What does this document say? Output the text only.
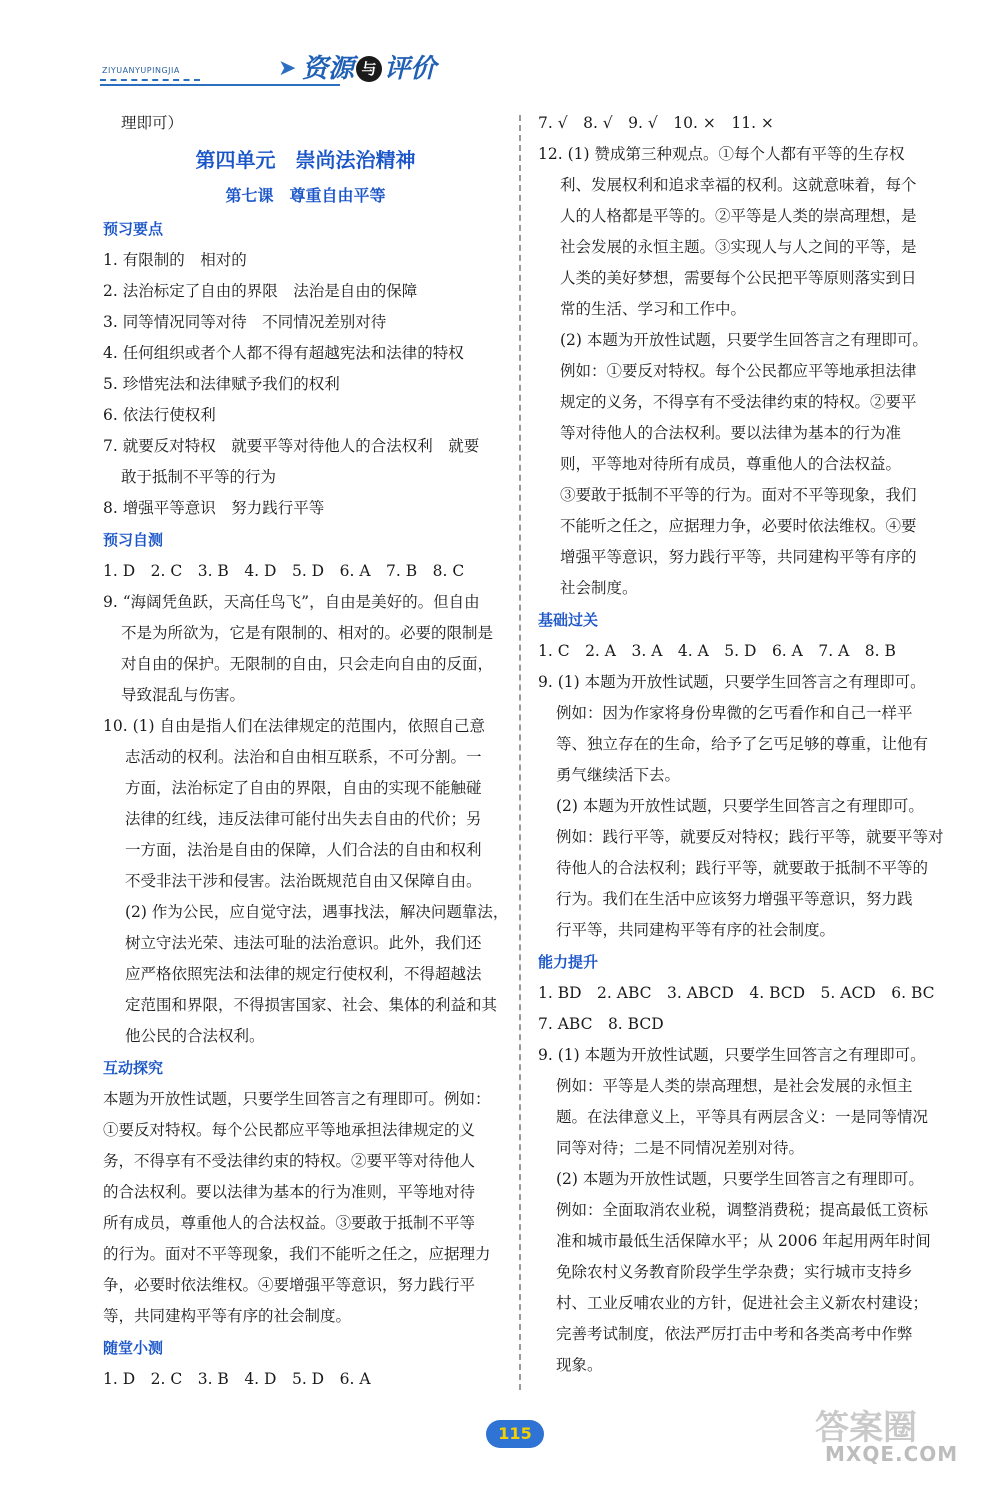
ZIYUANYUPINGJIA	➤ 资源 与 评价
理即可）
第四单元　崇尚法治精神
第七课　尊重自由平等
预习要点
1. 有限制的　相对的
2. 法治标定了自由的界限　法治是自由的保障
3. 同等情况同等对待　不同情况差别对待
4. 任何组织或者个人都不得有超越宪法和法律的特权
5. 珍惜宪法和法律赋予我们的权利
6. 依法行使权利
7. 就要反对特权　就要平等对待他人的合法权利　就要
敢于抵制不平等的行为
8. 增强平等意识　努力践行平等
预习自测
1. D　2. C　3. B　4. D　5. D　6. A　7. B　8. C
9. “海阔凭鱼跃，天高任鸟飞”，自由是美好的。但自由
不是为所欲为，它是有限制的、相对的。必要的限制是
对自由的保护。无限制的自由，只会走向自由的反面，
导致混乱与伤害。
10. (1) 自由是指人们在法律规定的范围内，依照自己意
志活动的权利。法治和自由相互联系，不可分割。一
方面，法治标定了自由的界限，自由的实现不能触碰
法律的红线，违反法律可能付出失去自由的代价；另
一方面，法治是自由的保障，人们合法的自由和权利
不受非法干涉和侵害。法治既规范自由又保障自由。
(2) 作为公民，应自觉守法，遇事找法，解决问题靠法，
树立守法光荣、违法可耻的法治意识。此外，我们还
应严格依照宪法和法律的规定行使权利，不得超越法
定范围和界限，不得损害国家、社会、集体的利益和其
他公民的合法权利。
互动探究
本题为开放性试题，只要学生回答言之有理即可。例如：
①要反对特权。每个公民都应平等地承担法律规定的义
务，不得享有不受法律约束的特权。②要平等对待他人
的合法权利。要以法律为基本的行为准则，平等地对待
所有成员，尊重他人的合法权益。③要敢于抵制不平等
的行为。面对不平等现象，我们不能听之任之，应据理力
争，必要时依法维权。④要增强平等意识，努力践行平
等，共同建构平等有序的社会制度。
随堂小测
1. D　2. C　3. B　4. D　5. D　6. A
7. √　8. √　9. √　10. ×　11. ×
12. (1) 赞成第三种观点。①每个人都有平等的生存权
利、发展权利和追求幸福的权利。这就意味着，每个
人的人格都是平等的。②平等是人类的崇高理想，是
社会发展的永恒主题。③实现人与人之间的平等，是
人类的美好梦想，需要每个公民把平等原则落实到日
常的生活、学习和工作中。
(2) 本题为开放性试题，只要学生回答言之有理即可。
例如：①要反对特权。每个公民都应平等地承担法律
规定的义务，不得享有不受法律约束的特权。②要平
等对待他人的合法权利。要以法律为基本的行为准
则，平等地对待所有成员，尊重他人的合法权益。
③要敢于抵制不平等的行为。面对不平等现象，我们
不能听之任之，应据理力争，必要时依法维权。④要
增强平等意识，努力践行平等，共同建构平等有序的
社会制度。
基础过关
1. C　2. A　3. A　4. A　5. D　6. A　7. A　8. B
9. (1) 本题为开放性试题，只要学生回答言之有理即可。
例如：因为作家将身份卑微的乞丐看作和自己一样平
等、独立存在的生命，给予了乞丐足够的尊重，让他有
勇气继续活下去。
(2) 本题为开放性试题，只要学生回答言之有理即可。
例如：践行平等，就要反对特权；践行平等，就要平等对
待他人的合法权利；践行平等，就要敢于抵制不平等的
行为。我们在生活中应该努力增强平等意识，努力践
行平等，共同建构平等有序的社会制度。
能力提升
1. BD　2. ABC　3. ABCD　4. BCD　5. ACD　6. BC
7. ABC　8. BCD
9. (1) 本题为开放性试题，只要学生回答言之有理即可。
例如：平等是人类的崇高理想，是社会发展的永恒主
题。在法律意义上，平等具有两层含义：一是同等情况
同等对待；二是不同情况差别对待。
(2) 本题为开放性试题，只要学生回答言之有理即可。
例如：全面取消农业税，调整消费税；提高最低工资标
准和城市最低生活保障水平；从 2006 年起用两年时间
免除农村义务教育阶段学生学杂费；实行城市支持乡
村、工业反哺农业的方针，促进社会主义新农村建设；
完善考试制度，依法严厉打击中考和各类高考中作弊
现象。
115	答案圈
MXQE.COM
